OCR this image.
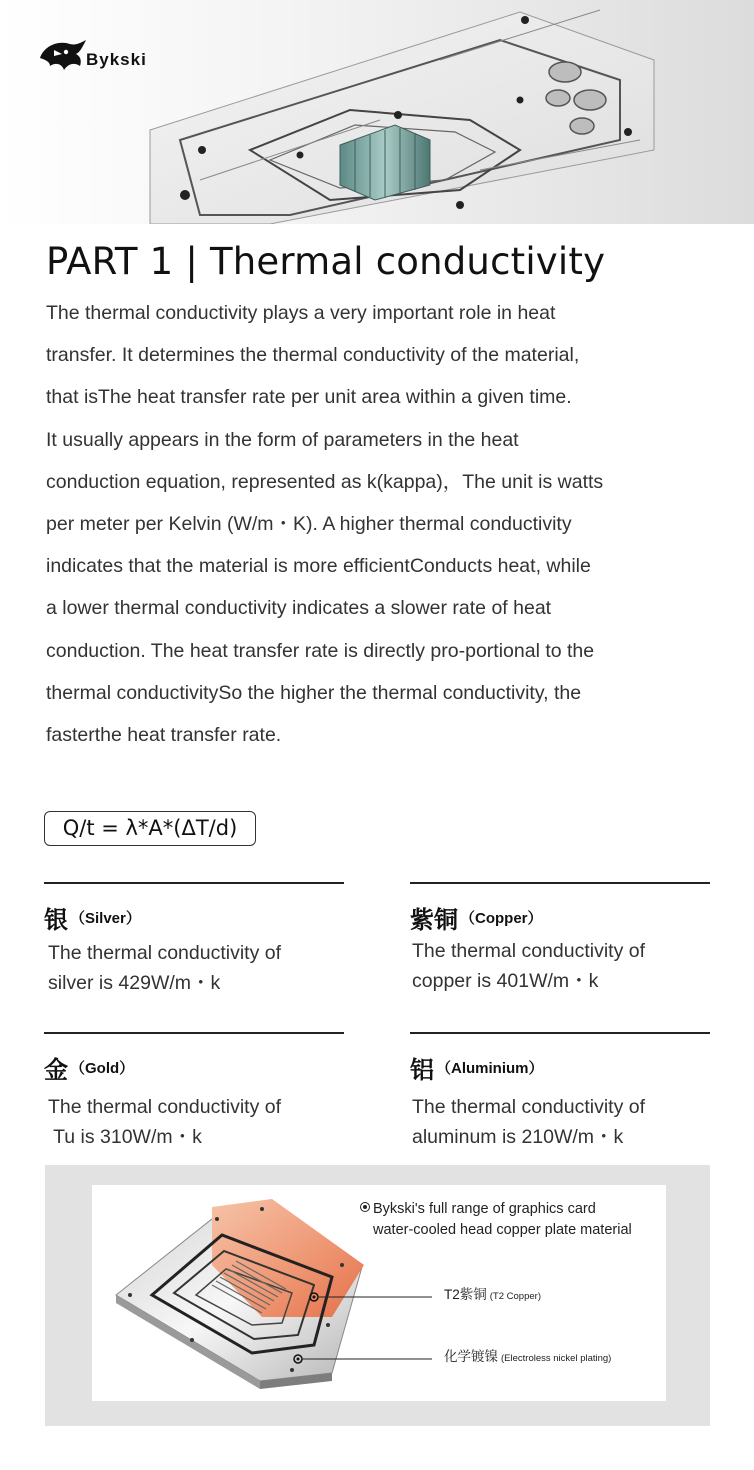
Bykski
PART 1 | Thermal conductivity

The thermal conductivity plays a very important role in heat
transfer. It determines the thermal conductivity of the material,
that isThe heat transfer rate per unit area within a given time.
It usually appears in the form of parameters in the heat
conduction equation, represented as k(kappa)，The unit is watts
per meter per Kelvin (W/m・K). A higher thermal conductivity
indicates that the material is more efficientConducts heat, while
a lower thermal conductivity indicates a slower rate of heat
conduction. The heat transfer rate is directly pro-portional to the
thermal conductivitySo the higher the thermal conductivity, the
fasterthe heat transfer rate.

Q/t = λ*A*(ΔT/d)
银 （Silver）
The thermal conductivity of
silver is 429W/m・k
紫铜 （Copper）
The thermal conductivity of
copper is 401W/m・k
金 （Gold）
The thermal conductivity of
Tu is 310W/m・k
铝 （Aluminium）
The thermal conductivity of
aluminum is 210W/m・k
Bykski's full range of graphics card
water-cooled head copper plate material
T2紫铜 (T2 Copper)
化学镀镍 (Electroless nickel plating)
